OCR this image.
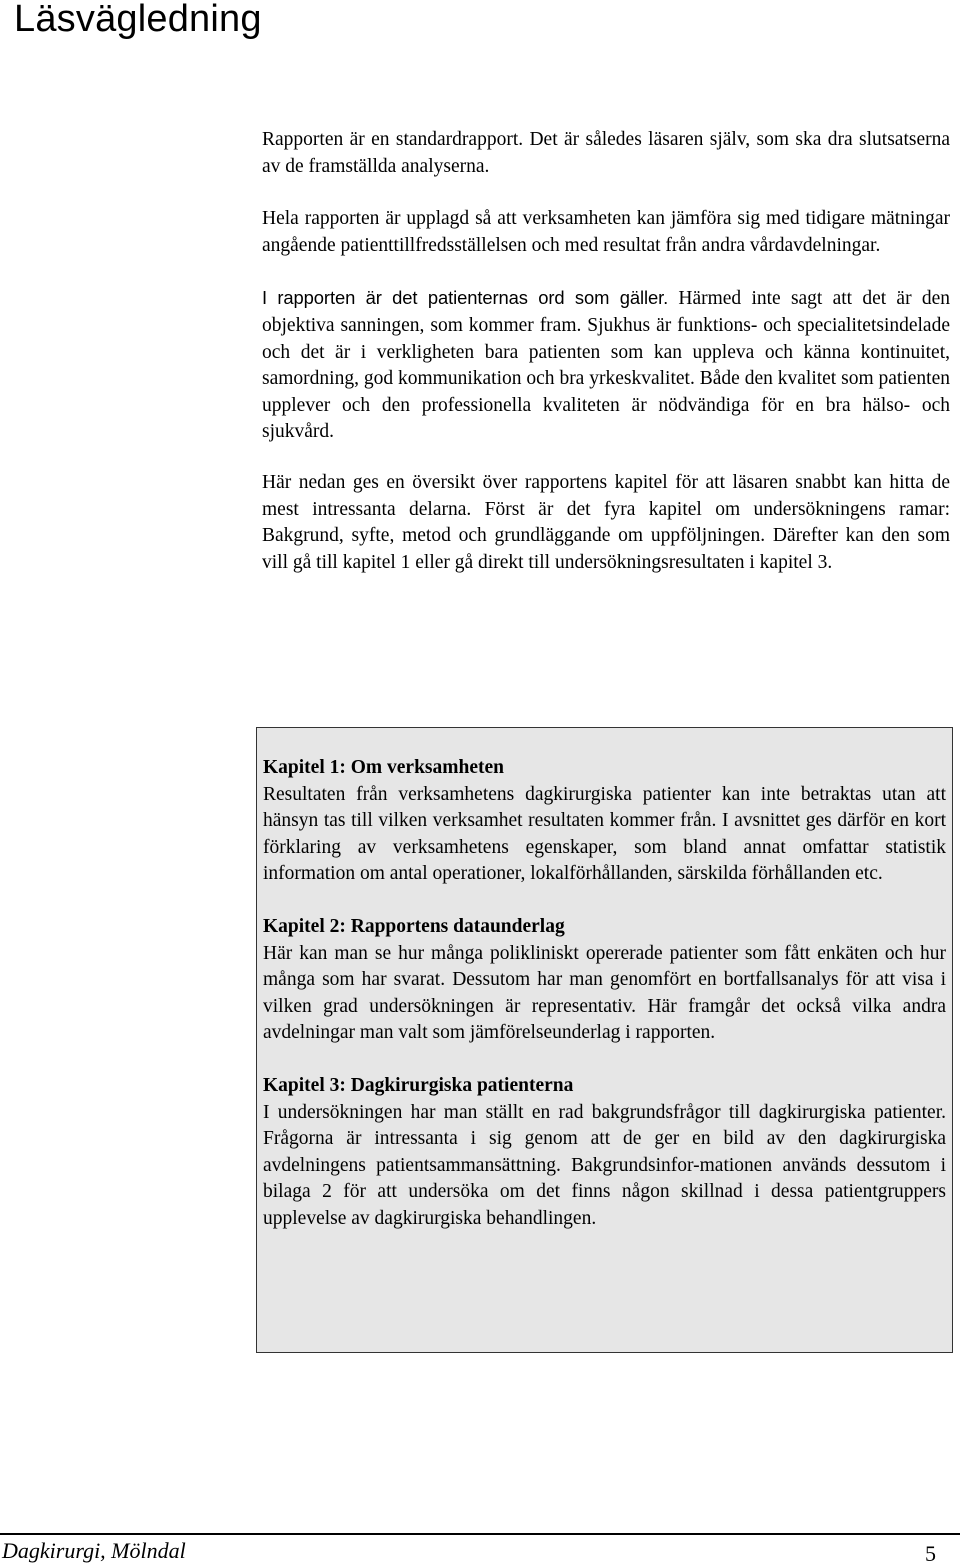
Läsvägledning

Rapporten är en standardrapport. Det är således läsaren själv, som ska dra slutsatserna av de framställda analyserna.

Hela rapporten är upplagd så att verksamheten kan jämföra sig med tidigare mätningar angående patienttillfredsställelsen och med resultat från andra vårdavdelningar.

I rapporten är det patienternas ord som gäller. Härmed inte sagt att det är den objektiva sanningen, som kommer fram. Sjukhus är funktions- och specialitetsindelade och det är i verkligheten bara patienten som kan uppleva och känna kontinuitet, samordning, god kommunikation och bra yrkeskvalitet. Både den kvalitet som patienten upplever och den professionella kvaliteten är nödvändiga för en bra hälso- och sjukvård.

Här nedan ges en översikt över rapportens kapitel för att läsaren snabbt kan hitta de mest intressanta delarna. Först är det fyra kapitel om undersökningens ramar: Bakgrund, syfte, metod och grundläggande om uppföljningen. Därefter kan den som vill gå till kapitel 1 eller gå direkt till undersökningsresultaten i kapitel 3.

Kapitel 1: Om verksamheten

Resultaten från verksamhetens dagkirurgiska patienter kan inte betraktas utan att hänsyn tas till vilken verksamhet resultaten kommer från. I avsnittet ges därför en kort förklaring av verksamhetens egenskaper, som bland annat omfattar statistik information om antal operationer, lokalförhållanden, särskilda förhållanden etc.

Kapitel 2: Rapportens dataunderlag

Här kan man se hur många polikliniskt opererade patienter som fått enkäten och hur många som har svarat. Dessutom har man genomfört en bortfallsanalys för att visa i vilken grad undersökningen är representativ. Här framgår det också vilka andra avdelningar man valt som jämförelseunderlag i rapporten.

Kapitel 3: Dagkirurgiska patienterna

I undersökningen har man ställt en rad bakgrundsfrågor till dagkirurgiska patienter. Frågorna är intressanta i sig genom att de ger en bild av den dagkirurgiska avdelningens patientsammansättning. Bakgrundsinfor-mationen används dessutom i bilaga 2 för att undersöka om det finns någon skillnad i dessa patientgruppers upplevelse av dagkirurgiska behandlingen.

Dagkirurgi, Mölndal	5
